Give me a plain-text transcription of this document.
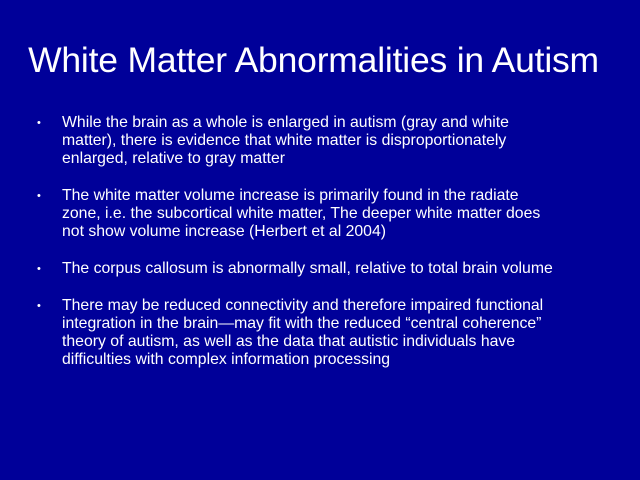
White Matter Abnormalities in Autism
• While the brain as a whole is enlarged in autism (gray and white
matter), there is evidence that white matter is disproportionately
enlarged, relative to gray matter
• The white matter volume increase is primarily found in the radiate
zone, i.e. the subcortical white matter, The deeper white matter does
not show volume increase (Herbert et al 2004)
• The corpus callosum is abnormally small, relative to total brain volume
• There may be reduced connectivity and therefore impaired functional
integration in the brain—may fit with the reduced “central coherence”
theory of autism, as well as the data that autistic individuals have
difficulties with complex information processing
